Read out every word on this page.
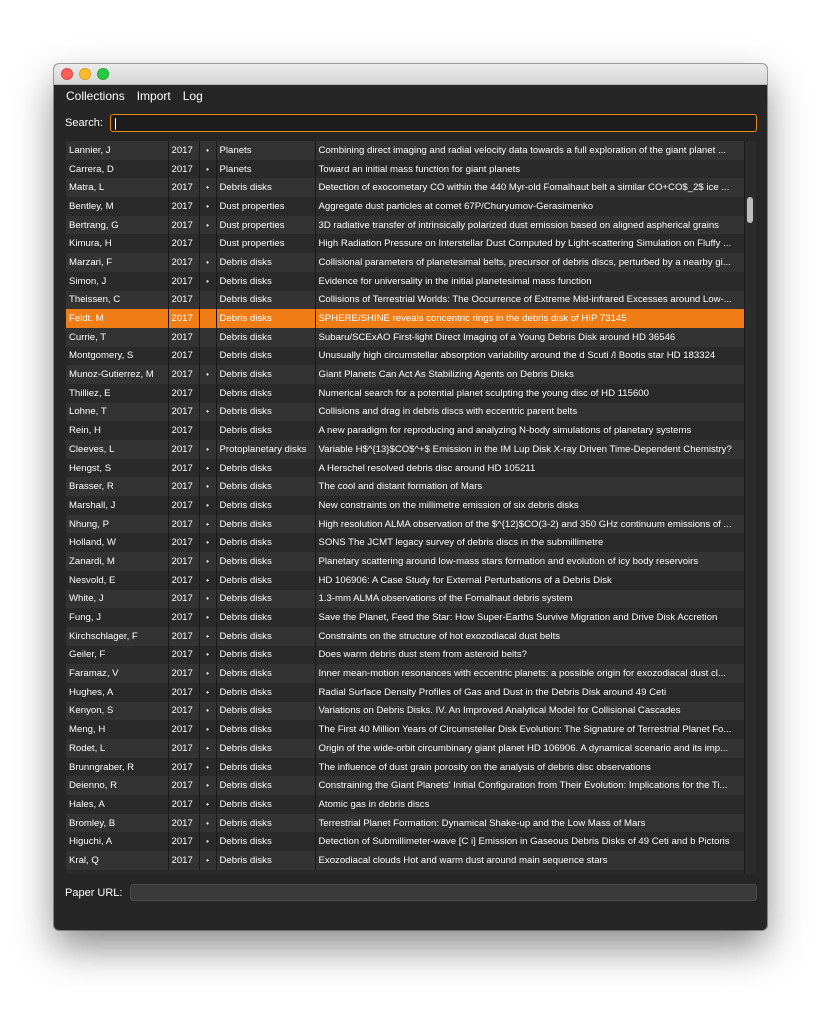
Collections Import Log
Search:
Lannier, J	2017	•	Planets	Combining direct imaging and radial velocity data towards a full exploration of the giant planet ...
Carrera, D	2017	•	Planets	Toward an initial mass function for giant planets
Matra, L	2017	•	Debris disks	Detection of exocometary CO within the 440 Myr-old Fomalhaut belt a similar CO+CO$_2$ ice ...
Bentley, M	2017	•	Dust properties	Aggregate dust particles at comet 67P/Churyumov-Gerasimenko
Bertrang, G	2017	•	Dust properties	3D radiative transfer of intrinsically polarized dust emission based on aligned aspherical grains
Kimura, H	2017		Dust properties	High Radiation Pressure on Interstellar Dust Computed by Light-scattering Simulation on Fluffy ...
Marzari, F	2017	•	Debris disks	Collisional parameters of planetesimal belts, precursor of debris discs, perturbed by a nearby gi...
Simon, J	2017	•	Debris disks	Evidence for universality in the initial planetesimal mass function
Theissen, C	2017		Debris disks	Collisions of Terrestrial Worlds: The Occurrence of Extreme Mid-infrared Excesses around Low-...
Feldt, M	2017		Debris disks	SPHERE/SHINE reveals concentric rings in the debris disk of HIP 73145
Currie, T	2017		Debris disks	Subaru/SCExAO First-light Direct Imaging of a Young Debris Disk around HD 36546
Montgomery, S	2017		Debris disks	Unusually high circumstellar absorption variability around the d Scuti /l Bootis star HD 183324
Munoz-Gutierrez, M	2017	•	Debris disks	Giant Planets Can Act As Stabilizing Agents on Debris Disks
Thilliez, E	2017		Debris disks	Numerical search for a potential planet sculpting the young disc of HD 115600
Lohne, T	2017	•	Debris disks	Collisions and drag in debris discs with eccentric parent belts
Rein, H	2017		Debris disks	A new paradigm for reproducing and analyzing N-body simulations of planetary systems
Cleeves, L	2017	•	Protoplanetary disks	Variable H$^{13}$CO$^+$ Emission in the IM Lup Disk X-ray Driven Time-Dependent Chemistry?
Hengst, S	2017	•	Debris disks	A Herschel resolved debris disc around HD 105211
Brasser, R	2017	•	Debris disks	The cool and distant formation of Mars
Marshall, J	2017	•	Debris disks	New constraints on the millimetre emission of six debris disks
Nhung, P	2017	•	Debris disks	High resolution ALMA observation of the $^{12}$CO(3-2) and 350 GHz continuum emissions of ...
Holland, W	2017	•	Debris disks	SONS The JCMT legacy survey of debris discs in the submillimetre
Zanardi, M	2017	•	Debris disks	Planetary scattering around low-mass stars formation and evolution of icy body reservoirs
Nesvold, E	2017	•	Debris disks	HD 106906: A Case Study for External Perturbations of a Debris Disk
White, J	2017	•	Debris disks	1.3-mm ALMA observations of the Fomalhaut debris system
Fung, J	2017	•	Debris disks	Save the Planet, Feed the Star: How Super-Earths Survive Migration and Drive Disk Accretion
Kirchschlager, F	2017	•	Debris disks	Constraints on the structure of hot exozodiacal dust belts
Geiler, F	2017	•	Debris disks	Does warm debris dust stem from asteroid belts?
Faramaz, V	2017	•	Debris disks	Inner mean-motion resonances with eccentric planets: a possible origin for exozodiacal dust cl...
Hughes, A	2017	•	Debris disks	Radial Surface Density Profiles of Gas and Dust in the Debris Disk around 49 Ceti
Kenyon, S	2017	•	Debris disks	Variations on Debris Disks. IV. An Improved Analytical Model for Collisional Cascades
Meng, H	2017	•	Debris disks	The First 40 Million Years of Circumstellar Disk Evolution: The Signature of Terrestrial Planet Fo...
Rodet, L	2017	•	Debris disks	Origin of the wide-orbit circumbinary giant planet HD 106906. A dynamical scenario and its imp...
Brunngraber, R	2017	•	Debris disks	The influence of dust grain porosity on the analysis of debris disc observations
Deienno, R	2017	•	Debris disks	Constraining the Giant Planets' Initial Configuration from Their Evolution: Implications for the Ti...
Hales, A	2017	•	Debris disks	Atomic gas in debris discs
Bromley, B	2017	•	Debris disks	Terrestrial Planet Formation: Dynamical Shake-up and the Low Mass of Mars
Higuchi, A	2017	•	Debris disks	Detection of Submillimeter-wave [C i] Emission in Gaseous Debris Disks of 49 Ceti and b Pictoris
Kral, Q	2017	•	Debris disks	Exozodiacal clouds Hot and warm dust around main sequence stars
Paper URL:
